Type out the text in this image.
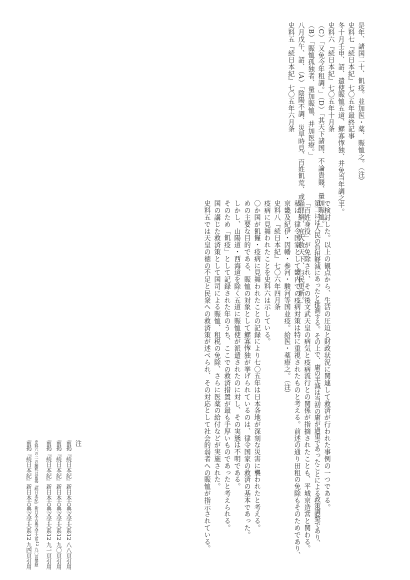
史料五『続日本紀』七〇五年六月条 八月戊午、詔、（A）「陰陽不調、災旱時見、百姓飢荒、或陥罪網、宜大赦天下、与民更新。」 （B）「賑恤孤独者、量加賑恤、并加医療。」 （C）「又免今年租調。」（D）「其天下諸国、不論貴賤、量加賑恤。」 史料六『続日本紀』七〇五年十月条 冬十月壬申、詔、遣使賑恤五道、鰥寡惸独、并免当年調之半。 史料七『続日本紀』七〇五年最終記事 是年、諸国二十、飢疫。並加医・薬、賑恤之。（注）
史料五では天皇の徳の不足と民衆への救済策が述べられ、その対応として社会的弱者への賑恤が指示されている。 国の講じた救済策として国司による賑恤、租税の免除、さらに医薬の給付などが実施された。 そのため「飢疫」として記録された年のうち、ここでの救済措置が最も手厚いものであったと考えられる。 しかし、山陽道・西海道を除く五道に賑恤使が派遣されたのに対し、その実態は不明である。 めの主要な目的である、賑恤の対象として鰥寡惸独が挙げられているのは、律令国家の救済の基本であった。 〇か国が飢饉・疫病に見舞われたことの記録により七〇五年は日本各地が深刻な災害に襲われたと考える。 疫病に見舞われたことを史料六は示している。 史料八『続日本紀』七〇六年四月条 京畿及紀伊・因幡・参河・駿河等国並疫。給医・薬療之。（注） 私は、律令国家として畿内での疫病対策は特に重視されたものと考える。前述の通り田租の免除もそのためであり、 「百姓身役」が免除され、その後文武天皇の病気と疫病流行との関係が指摘されたことも、平城京造営と関わる。 第二には人民の負担軽減にあったと推測する。その上で、庸の半減は当初の庸が過重であったことによる政策調整であり、 で検討した。以上の観点から、生活の圧迫と財政状況に関連して救済が行われた事例の一つである。
注
前掲『続日本紀』新日本古典文学大系12 八八頁引用
前掲『続日本紀』新日本古典文学大系12 九〇頁引用
前掲『続日本紀』新日本古典文学大系12 九一頁引用
史料六の二の解釈は前掲『続日本紀』新日本古典文学大系12 九〇頁参照
前掲『続日本紀』新日本古典文学大系12 九四頁引用
